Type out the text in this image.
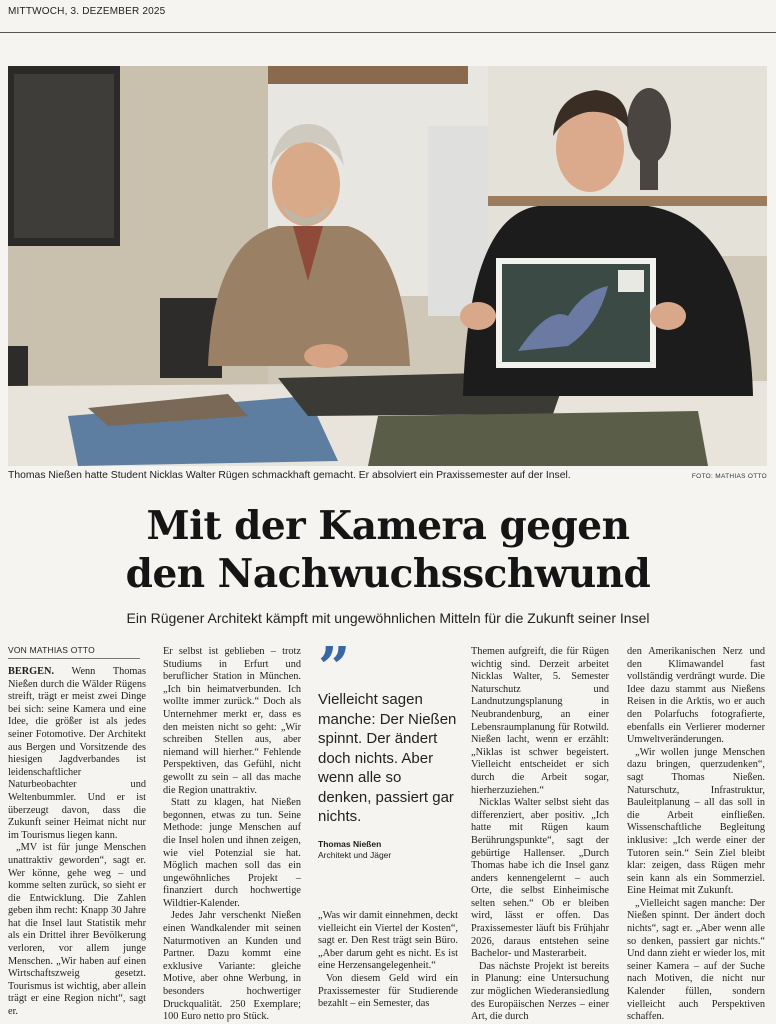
MITTWOCH, 3. DEZEMBER 2025
Thomas Nießen hatte Student Nicklas Walter Rügen schmackhaft gemacht. Er absolviert ein Praxissemester auf der Insel.	FOTO: MATHIAS OTTO
Mit der Kamera gegen
den Nachwuchsschwund
Ein Rügener Architekt kämpft mit ungewöhnlichen Mitteln für die Zukunft seiner Insel
VON MATHIAS OTTO

BERGEN. Wenn Thomas Nießen durch die Wälder Rügens streift, trägt er meist zwei Dinge bei sich: seine Kamera und eine Idee, die größer ist als jedes seiner Fotomotive. Der Architekt aus Bergen und Vorsitzende des hiesigen Jagdverbandes ist leidenschaftlicher Naturbeobachter und Weltenbummler. Und er ist überzeugt davon, dass die Zukunft seiner Heimat nicht nur im Tourismus liegen kann.

„MV ist für junge Menschen unattraktiv geworden“, sagt er. Wer könne, gehe weg – und komme selten zurück, so sieht er die Entwicklung. Die Zahlen geben ihm recht: Knapp 30 Jahre hat die Insel laut Statistik mehr als ein Drittel ihrer Bevölkerung verloren, vor allem junge Menschen. „Wir haben auf einen Wirtschaftszweig gesetzt. Tourismus ist wichtig, aber allein trägt er eine Region nicht“, sagt er.

Er selbst ist geblieben – trotz Studiums in Erfurt und beruflicher Station in München. „Ich bin heimatverbunden. Ich wollte immer zurück.“ Doch als Unternehmer merkt er, dass es den meisten nicht so geht: „Wir schreiben Stellen aus, aber niemand will hierher.“ Fehlende Perspektiven, das Gefühl, nicht gewollt zu sein – all das mache die Region unattraktiv.

Statt zu klagen, hat Nießen begonnen, etwas zu tun. Seine Methode: junge Menschen auf die Insel holen und ihnen zeigen, wie viel Potenzial sie hat. Möglich machen soll das ein ungewöhnliches Projekt – finanziert durch hochwertige Wildtier-Kalender.

Jedes Jahr verschenkt Nießen einen Wandkalender mit seinen Naturmotiven an Kunden und Partner. Dazu kommt eine exklusive Variante: gleiche Motive, aber ohne Werbung, in besonders hochwertiger Druckqualität. 250 Exemplare; 100 Euro netto pro Stück.

”
Vielleicht sagen manche: Der Nießen spinnt. Der ändert doch nichts. Aber wenn alle so denken, passiert gar nichts.
Thomas Nießen
Architekt und Jäger

„Was wir damit einnehmen, deckt vielleicht ein Viertel der Kosten“, sagt er. Den Rest trägt sein Büro. „Aber darum geht es nicht. Es ist eine Herzensangelegenheit.“

Von diesem Geld wird ein Praxissemester für Studierende bezahlt – ein Semester, das

Themen aufgreift, die für Rügen wichtig sind. Derzeit arbeitet Nicklas Walter, 5. Semester Naturschutz und Landnutzungsplanung in Neubrandenburg, an einer Lebensraumplanung für Rotwild. Nießen lacht, wenn er erzählt: „Niklas ist schwer begeistert. Vielleicht entscheidet er sich durch die Arbeit sogar, hierherzuziehen.“

Nicklas Walter selbst sieht das differenziert, aber positiv. „Ich hatte mit Rügen kaum Berührungspunkte“, sagt der gebürtige Hallenser. „Durch Thomas habe ich die Insel ganz anders kennengelernt – auch Orte, die selbst Einheimische selten sehen.“ Ob er bleiben wird, lässt er offen. Das Praxissemester läuft bis Frühjahr 2026, daraus entstehen seine Bachelor- und Masterarbeit.

Das nächste Projekt ist bereits in Planung: eine Untersuchung zur möglichen Wiederansiedlung des Europäischen Nerzes – einer Art, die durch

den Amerikanischen Nerz und den Klimawandel fast vollständig verdrängt wurde. Die Idee dazu stammt aus Nießens Reisen in die Arktis, wo er auch den Polarfuchs fotografierte, ebenfalls ein Verlierer moderner Umweltveränderungen.

„Wir wollen junge Menschen dazu bringen, querzudenken“, sagt Thomas Nießen. Naturschutz, Infrastruktur, Bauleitplanung – all das soll in die Arbeit einfließen. Wissenschaftliche Begleitung inklusive: „Ich werde einer der Tutoren sein.“ Sein Ziel bleibt klar: zeigen, dass Rügen mehr sein kann als ein Sommerziel. Eine Heimat mit Zukunft.

„Vielleicht sagen manche: Der Nießen spinnt. Der ändert doch nichts“, sagt er. „Aber wenn alle so denken, passiert gar nichts.“ Und dann zieht er wieder los, mit seiner Kamera – auf der Suche nach Motiven, die nicht nur Kalender füllen, sondern vielleicht auch Perspektiven schaffen.
